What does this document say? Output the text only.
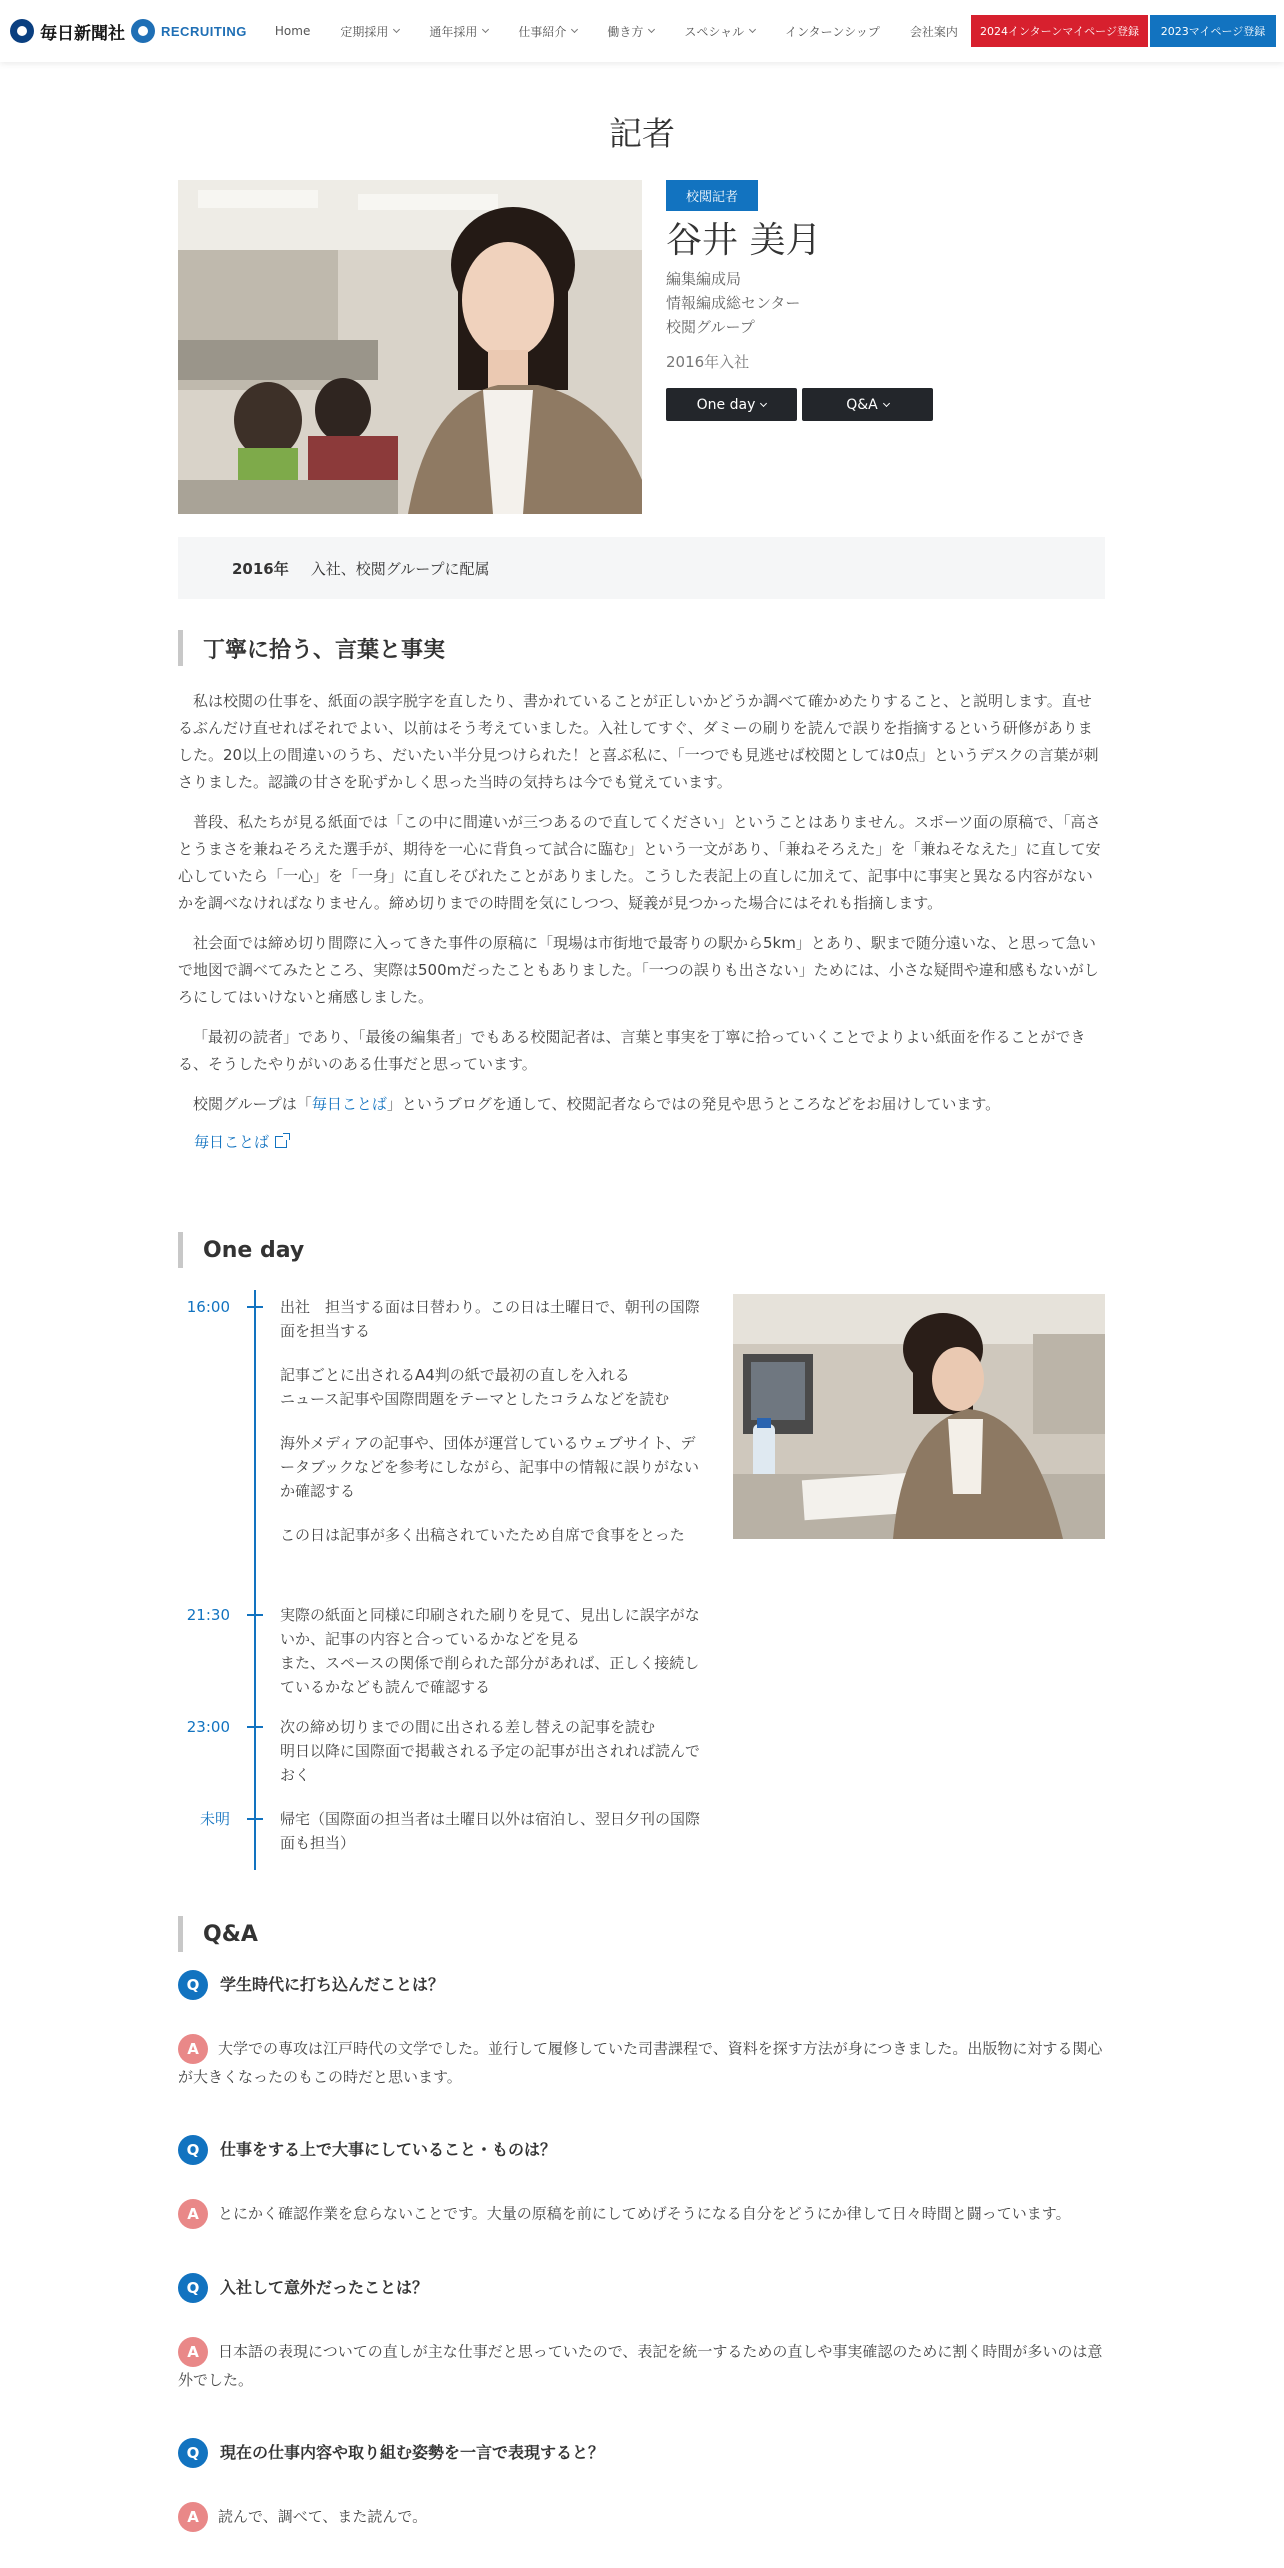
毎日新聞社	RECRUITING Home	定期採用	通年採用	仕事紹介	働き方	スペシャル	インターンシップ	会社案内	2024インターンマイページ登録	2023マイページ登録
記者
校閲記者
谷井 美月
編集編成局
情報編成総センター
校閲グループ
2016年入社
One day	Q&A
2016年 入社、校閲グループに配属
丁寧に拾う、言葉と事実

私は校閲の仕事を、紙面の誤字脱字を直したり、書かれていることが正しいかどうか調べて確かめたりすること、と説明します。直せるぶんだけ直せればそれでよい、以前はそう考えていました。入社してすぐ、ダミーの刷りを読んで誤りを指摘するという研修がありました。20以上の間違いのうち、だいたい半分見つけられた！と喜ぶ私に、「一つでも見逃せば校閲としては0点」というデスクの言葉が刺さりました。認識の甘さを恥ずかしく思った当時の気持ちは今でも覚えています。

普段、私たちが見る紙面では「この中に間違いが三つあるので直してください」ということはありません。スポーツ面の原稿で、「高さとうまさを兼ねそろえた選手が、期待を一心に背負って試合に臨む」という一文があり、「兼ねそろえた」を「兼ねそなえた」に直して安心していたら「一心」を「一身」に直しそびれたことがありました。こうした表記上の直しに加えて、記事中に事実と異なる内容がないかを調べなければなりません。締め切りまでの時間を気にしつつ、疑義が見つかった場合にはそれも指摘します。

社会面では締め切り間際に入ってきた事件の原稿に「現場は市街地で最寄りの駅から5km」とあり、駅まで随分遠いな、と思って急いで地図で調べてみたところ、実際は500mだったこともありました。「一つの誤りも出さない」ためには、小さな疑問や違和感もないがしろにしてはいけないと痛感しました。

「最初の読者」であり、「最後の編集者」でもある校閲記者は、言葉と事実を丁寧に拾っていくことでよりよい紙面を作ることができる、そうしたやりがいのある仕事だと思っています。

校閲グループは「毎日ことば」というブログを通して、校閲記者ならではの発見や思うところなどをお届けしています。

毎日ことば
One day
16:00	出社　担当する面は日替わり。この日は土曜日で、朝刊の国際面を担当する
記事ごとに出されるA4判の紙で最初の直しを入れる
ニュース記事や国際問題をテーマとしたコラムなどを読む
海外メディアの記事や、団体が運営しているウェブサイト、データブックなどを参考にしながら、記事中の情報に誤りがないか確認する
この日は記事が多く出稿されていたため自席で食事をとった
21:30	実際の紙面と同様に印刷された刷りを見て、見出しに誤字がないか、記事の内容と合っているかなどを見る
また、スペースの関係で削られた部分があれば、正しく接続しているかなども読んで確認する
23:00	次の締め切りまでの間に出される差し替えの記事を読む
明日以降に国際面で掲載される予定の記事が出されれば読んでおく
未明	帰宅（国際面の担当者は土曜日以外は宿泊し、翌日夕刊の国際面も担当）
Q&A
Q	学生時代に打ち込んだことは？
A 大学での専攻は江戸時代の文学でした。並行して履修していた司書課程で、資料を探す方法が身につきました。出版物に対する関心が大きくなったのもこの時だと思います。
Q	仕事をする上で大事にしていること・ものは？
A とにかく確認作業を怠らないことです。大量の原稿を前にしてめげそうになる自分をどうにか律して日々時間と闘っています。
Q	入社して意外だったことは？
A 日本語の表現についての直しが主な仕事だと思っていたので、表記を統一するための直しや事実確認のために割く時間が多いのは意外でした。
Q	現在の仕事内容や取り組む姿勢を一言で表現すると？
A 読んで、調べて、また読んで。
